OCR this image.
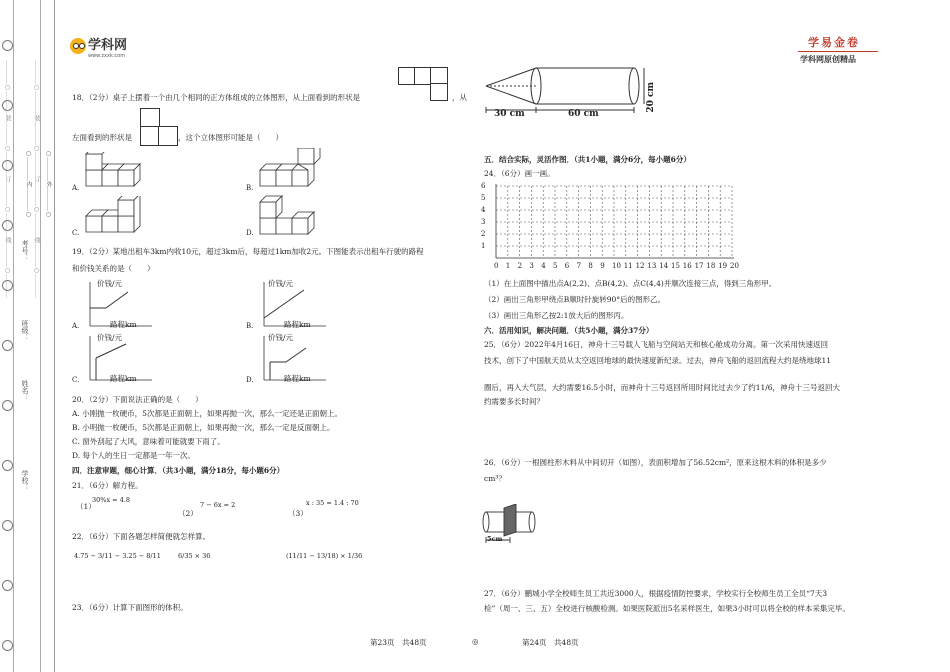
…………○…………装…………○…………订…………○…………线…………○…………	…………○…………装…………○…………订…………○…………线…………○…………
学校：
姓名：
班级：
考号：
○…………外…………○
○…………内…………○
学科网
www.zxxk.com
学易金卷
学科网原创精品
18．（2分）桌子上摆着一个由几个相同的正方体组成的立体图形，从上面看到的形状是	，从
左面看到的形状是	，这个立体图形可能是（　　）
A.	B.
C.	D.
19．（2分）某地出租车3km内收10元，超过3km后，每超过1km加收2元。下图能表示出租车行驶的路程
和价钱关系的是（　　）
价钱/元
路程km
A.
价钱/元
路程km
B.
价钱/元
路程km
C.
价钱/元
路程km
D.
20．（2分）下面说法正确的是（　　）
A. 小刚抛一枚硬币，5次都是正面朝上，如果再抛一次，那么一定还是正面朝上。
B. 小明抛一枚硬币，5次都是正面朝上，如果再抛一次，那么一定是反面朝上。
C. 窗外刮起了大风，意味着可能就要下雨了。
D. 每个人的生日一定都是一年一次。
四．注意审题，细心计算．（共3小题，满分18分，每小题6分）
21．（6分）解方程。
（1）
30%x = 4.8
（2）
7 − 6x = 2
（3）
x : 35 = 1.4 : 70
22．（6分）下面各题怎样简便就怎样算。
4.75 − 3/11 − 3.25 − 8/11	6/35 × 36	(11/11 − 13/18) × 1/36
23．（6分）计算下面图形的体积。
30 cm	60 cm
20 cm
五．结合实际，灵活作图．（共1小题，满分6分，每小题6分）
24．（6分）画一画。
6
5
4
3
2
1
0 1 2 3 4 5 6 7 8 9 10 11 12 13 14 15 16 17 18 19 20
（1）在上面图中描出点A(2,2)、点B(4,2)、点C(4,4)并顺次连接三点，得到三角形甲。
（2）画出三角形甲绕点B顺时针旋转90°后的图形乙。
（3）画出三角形乙按2:1放大后的图形丙。
六．活用知识，解决问题．（共5小题，满分37分）
25．（6分）2022年4月16日，神舟十三号载人飞船与空间站天和核心舱成功分离。第一次采用快速返回
技术，创下了中国航天员从太空返回地球的最快速度新纪录。过去，神舟飞船的返回流程大约是绕地球11
圈后，再入大气层，大约需要16.5小时，而神舟十三号返回所用时间比过去少了约11/6，神舟十三号返回大
约需要多长时间？
26．（6分）一根圆柱形木料从中间切开（如图），表面积增加了56.52cm²，原来这根木料的体积是多少
cm³？
5cm
27．（6分）鹏城小学全校师生员工共近3000人，根据疫情防控要求，学校实行全校师生员工全员“7天3
检”（周一、三、五）全校进行核酸检测。如果医院派出5名采样医生，如果3小时可以将全校的样本采集完毕。
第23页　共48页	◎	第24页　共48页
